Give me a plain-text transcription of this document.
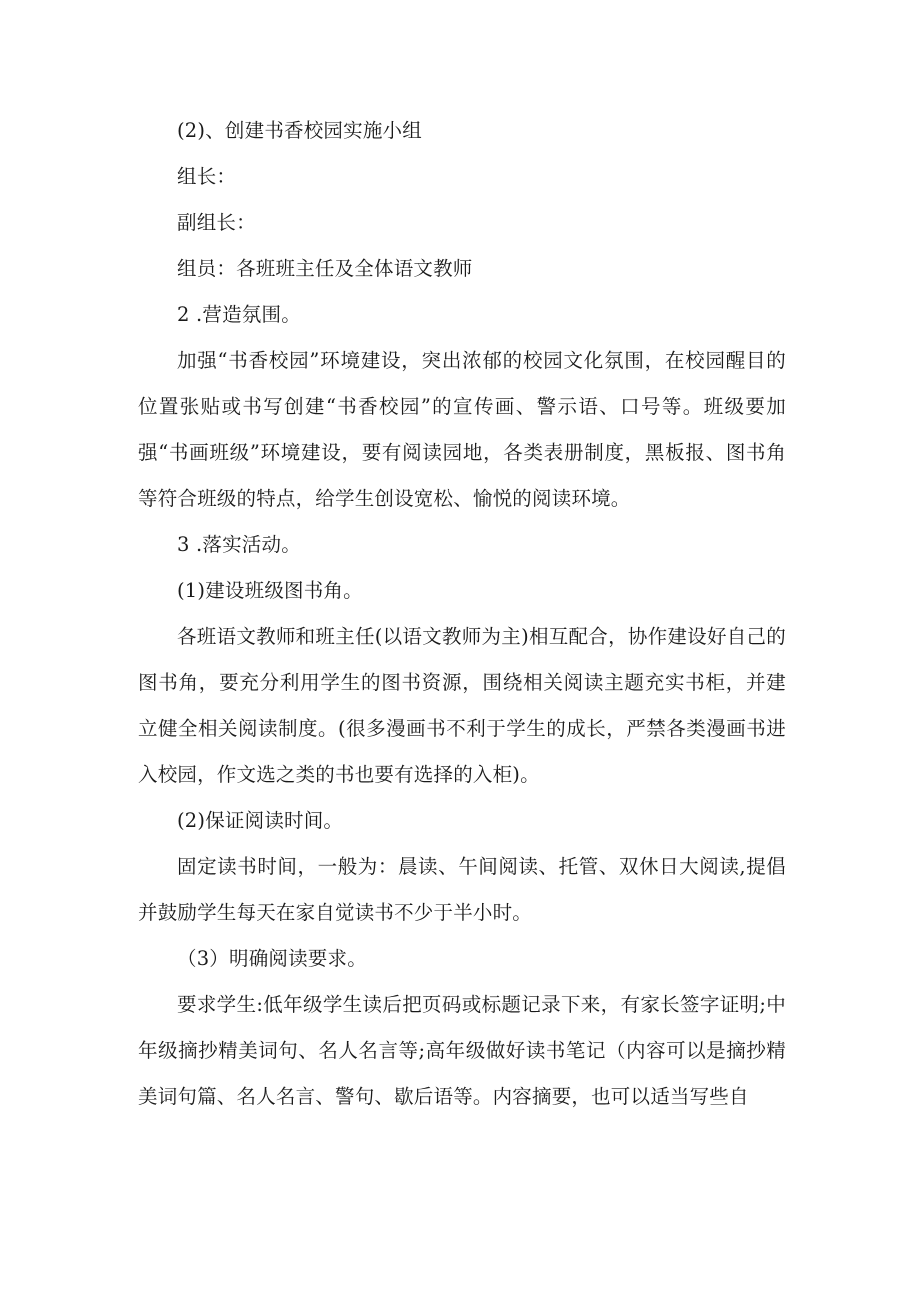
(2)、创建书香校园实施小组

组长：

副组长：

组员：各班班主任及全体语文教师

2 .营造氛围。

加强“书香校园”环境建设，突出浓郁的校园文化氛围，在校园醒目的位置张贴或书写创建“书香校园”的宣传画、警示语、口号等。班级要加强“书画班级”环境建设，要有阅读园地，各类表册制度，黑板报、图书角等符合班级的特点，给学生创设宽松、愉悦的阅读环境。

3 .落实活动。

(1)建设班级图书角。

各班语文教师和班主任(以语文教师为主)相互配合，协作建设好自己的图书角，要充分利用学生的图书资源，围绕相关阅读主题充实书柜，并建立健全相关阅读制度。(很多漫画书不利于学生的成长，严禁各类漫画书进入校园，作文选之类的书也要有选择的入柜)。

(2)保证阅读时间。

固定读书时间，一般为：晨读、午间阅读、托管、双休日大阅读,提倡并鼓励学生每天在家自觉读书不少于半小时。

（3）明确阅读要求。

要求学生:低年级学生读后把页码或标题记录下来，有家长签字证明;中年级摘抄精美词句、名人名言等;高年级做好读书笔记（内容可以是摘抄精美词句篇、名人名言、警句、歇后语等。内容摘要，也可以适当写些自
